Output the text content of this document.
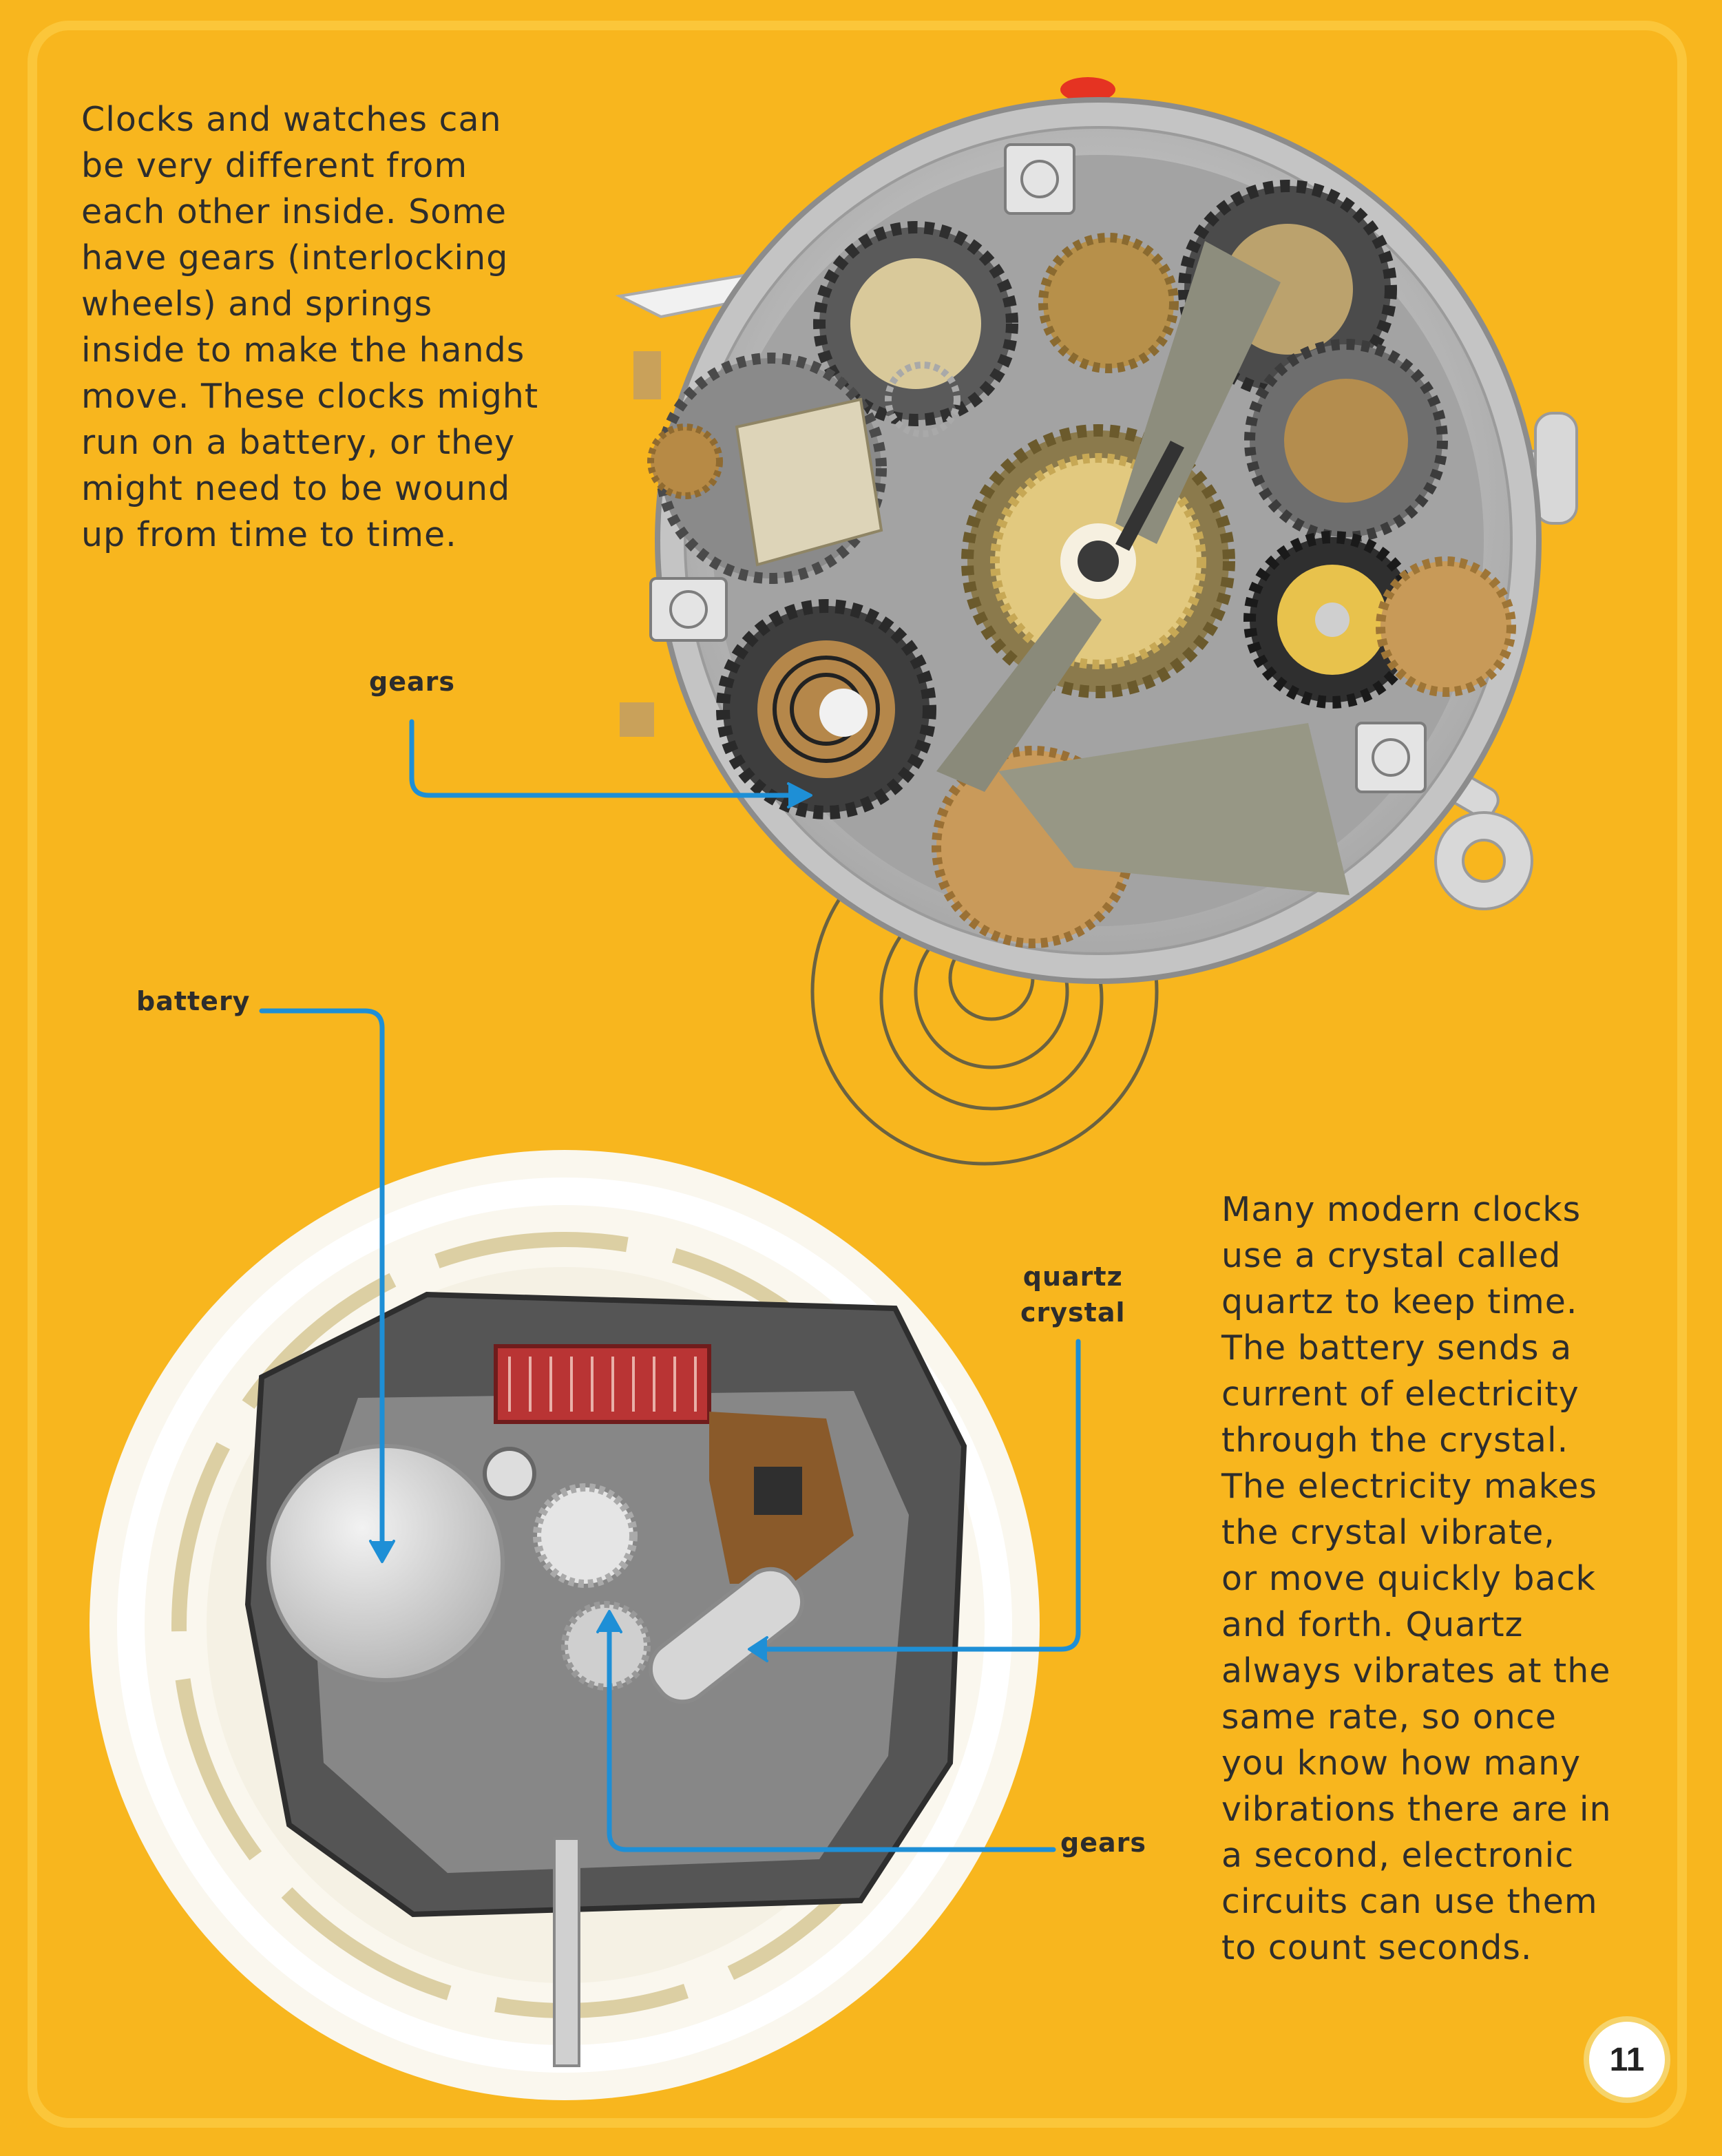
Clocks and watches can
be very different from
each other inside. Some
have gears (interlocking
wheels) and springs
inside to make the hands
move. These clocks might
run on a battery, or they
might need to be wound
up from time to time.

Many modern clocks
use a crystal called
quartz to keep time.
The battery sends a
current of electricity
through the crystal.
The electricity makes
the crystal vibrate,
or move quickly back
and forth. Quartz
always vibrates at the
same rate, so once
you know how many
vibrations there are in
a second, electronic
circuits can use them
to count seconds.

gears
battery
quartz
crystal
gears
11
